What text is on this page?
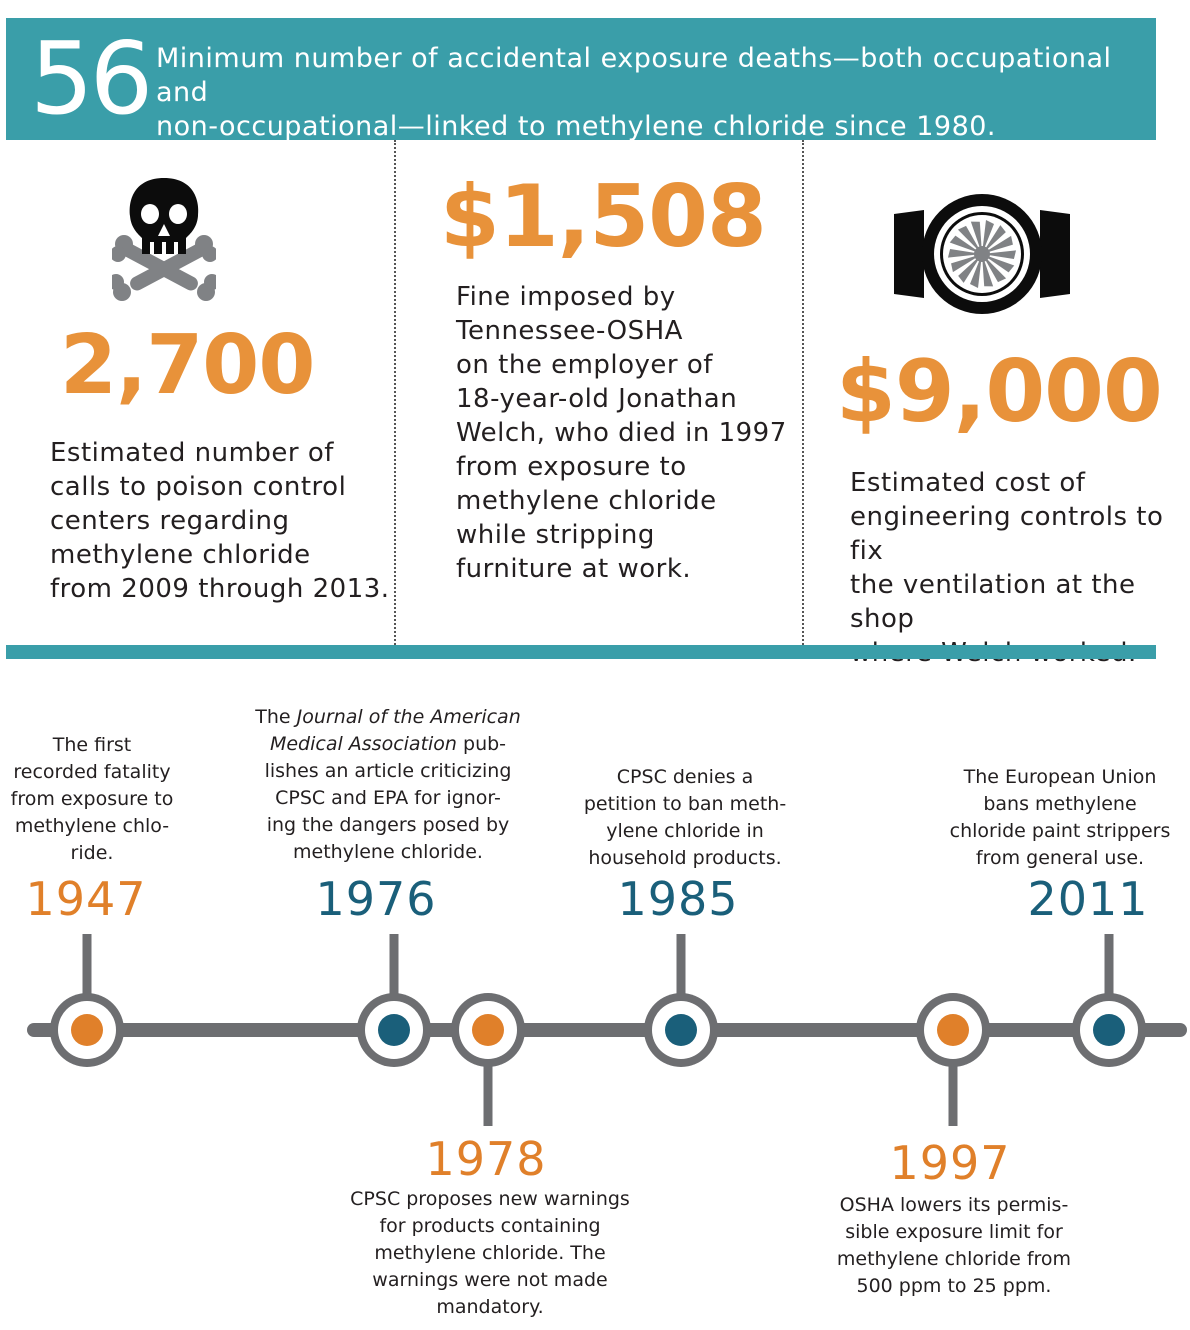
56 Minimum number of accidental exposure deaths—both occupational and
non-occupational—linked to methylene chloride since 1980.
2,700
Estimated number of
calls to poison control
centers regarding
methylene chloride
from 2009 through 2013.
$1,508
Fine imposed by
Tennessee-OSHA
on the employer of
18-year-old Jonathan
Welch, who died in 1997
from exposure to
methylene chloride
while stripping
furniture at work.
$9,000
Estimated cost of
engineering controls to fix
the ventilation at the shop
The first
recorded fatality
from exposure to
methylene chlo-
ride.
1947
The Journal of the American
Medical Association pub-
lishes an article criticizing
CPSC and EPA for ignor-
ing the dangers posed by
methylene chloride.
1976
1978
CPSC proposes new warnings
for products containing
methylene chloride. The
warnings were not made
mandatory.
CPSC denies a
petition to ban meth-
ylene chloride in
household products.
1985
1997
OSHA lowers its permis-
sible exposure limit for
methylene chloride from
500 ppm to 25 ppm.
The European Union
bans methylene
chloride paint strippers
from general use.
2011
